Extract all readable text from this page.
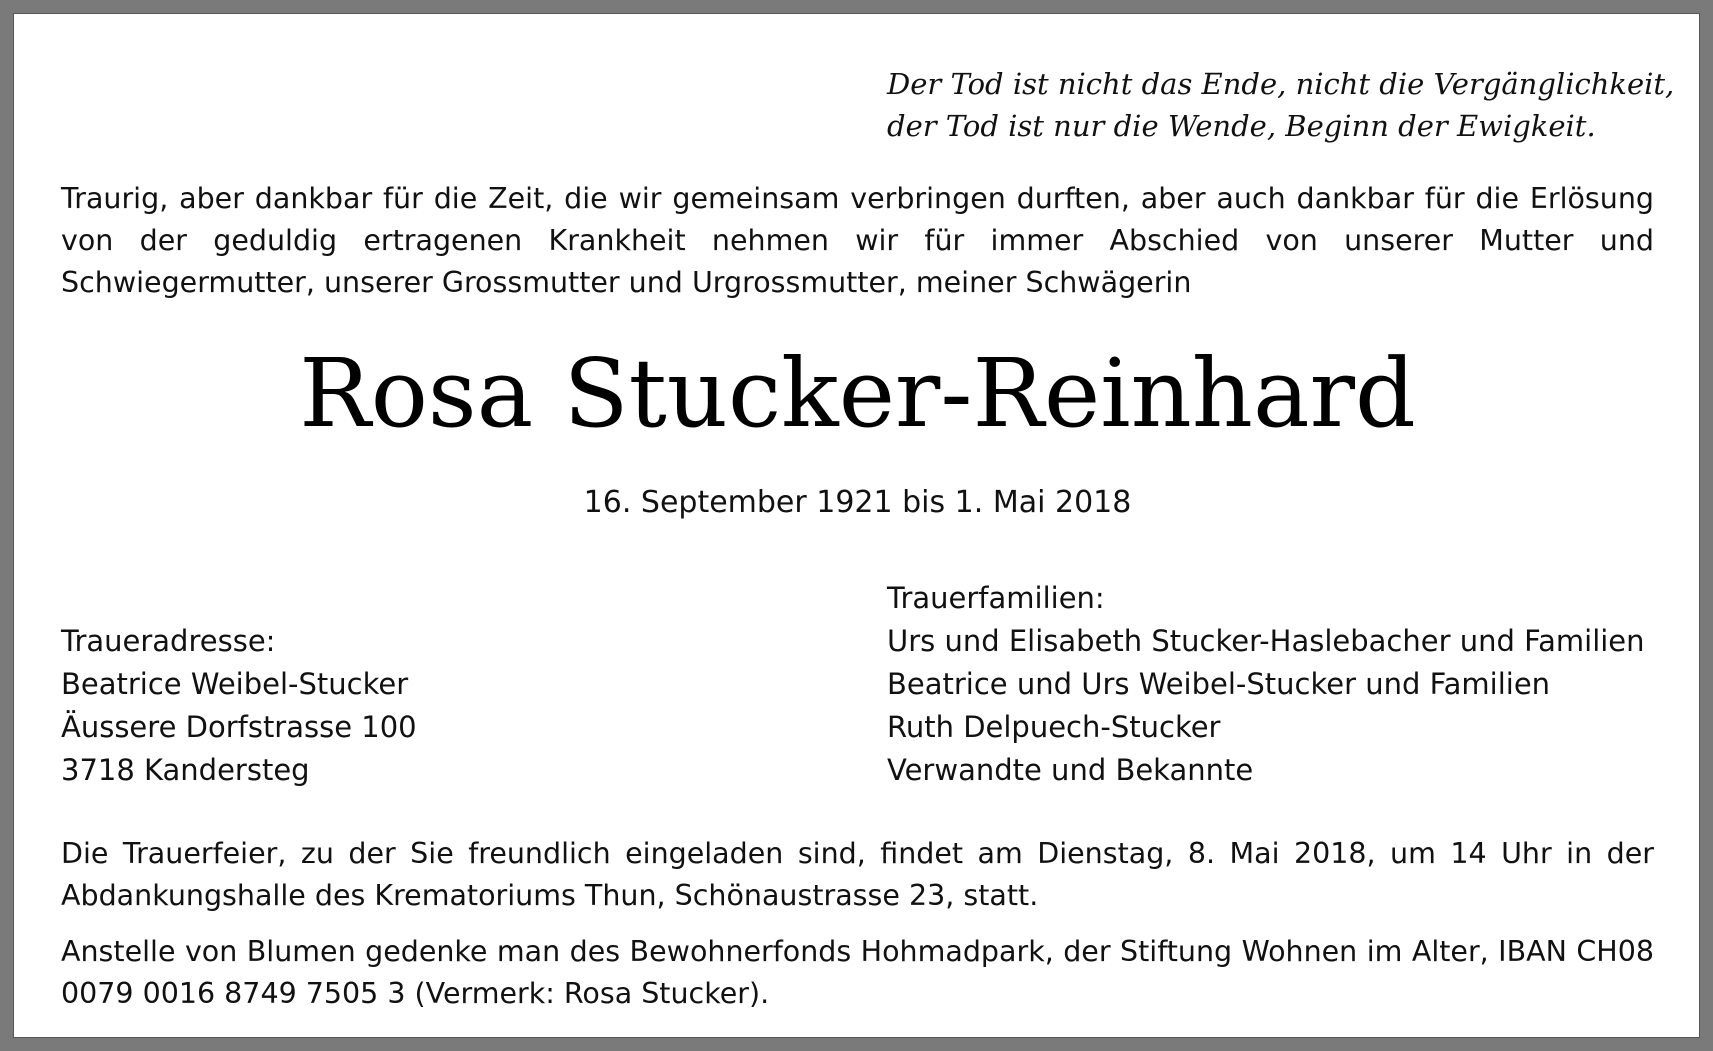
Der Tod ist nicht das Ende, nicht die Vergänglichkeit,
der Tod ist nur die Wende, Beginn der Ewigkeit.
Traurig, aber dankbar für die Zeit, die wir gemeinsam verbringen durften, aber auch dankbar für die Erlösung von der geduldig ertragenen Krankheit nehmen wir für immer Abschied von unserer Mutter und Schwiegermutter, unserer Grossmutter und Urgrossmutter, meiner Schwägerin
Rosa Stucker-Reinhard
16. September 1921 bis 1. Mai 2018
Traueradresse:
Beatrice Weibel-Stucker
Äussere Dorfstrasse 100
3718 Kandersteg
Trauerfamilien:
Urs und Elisabeth Stucker-Haslebacher und Familien
Beatrice und Urs Weibel-Stucker und Familien
Ruth Delpuech-Stucker
Verwandte und Bekannte
Die Trauerfeier, zu der Sie freundlich eingeladen sind, findet am Dienstag, 8. Mai 2018, um 14 Uhr in der Abdankungshalle des Krematoriums Thun, Schönaustrasse 23, statt.
Anstelle von Blumen gedenke man des Bewohnerfonds Hohmadpark, der Stiftung Wohnen im Alter, IBAN CH08 0079 0016 8749 7505 3 (Vermerk: Rosa Stucker).
